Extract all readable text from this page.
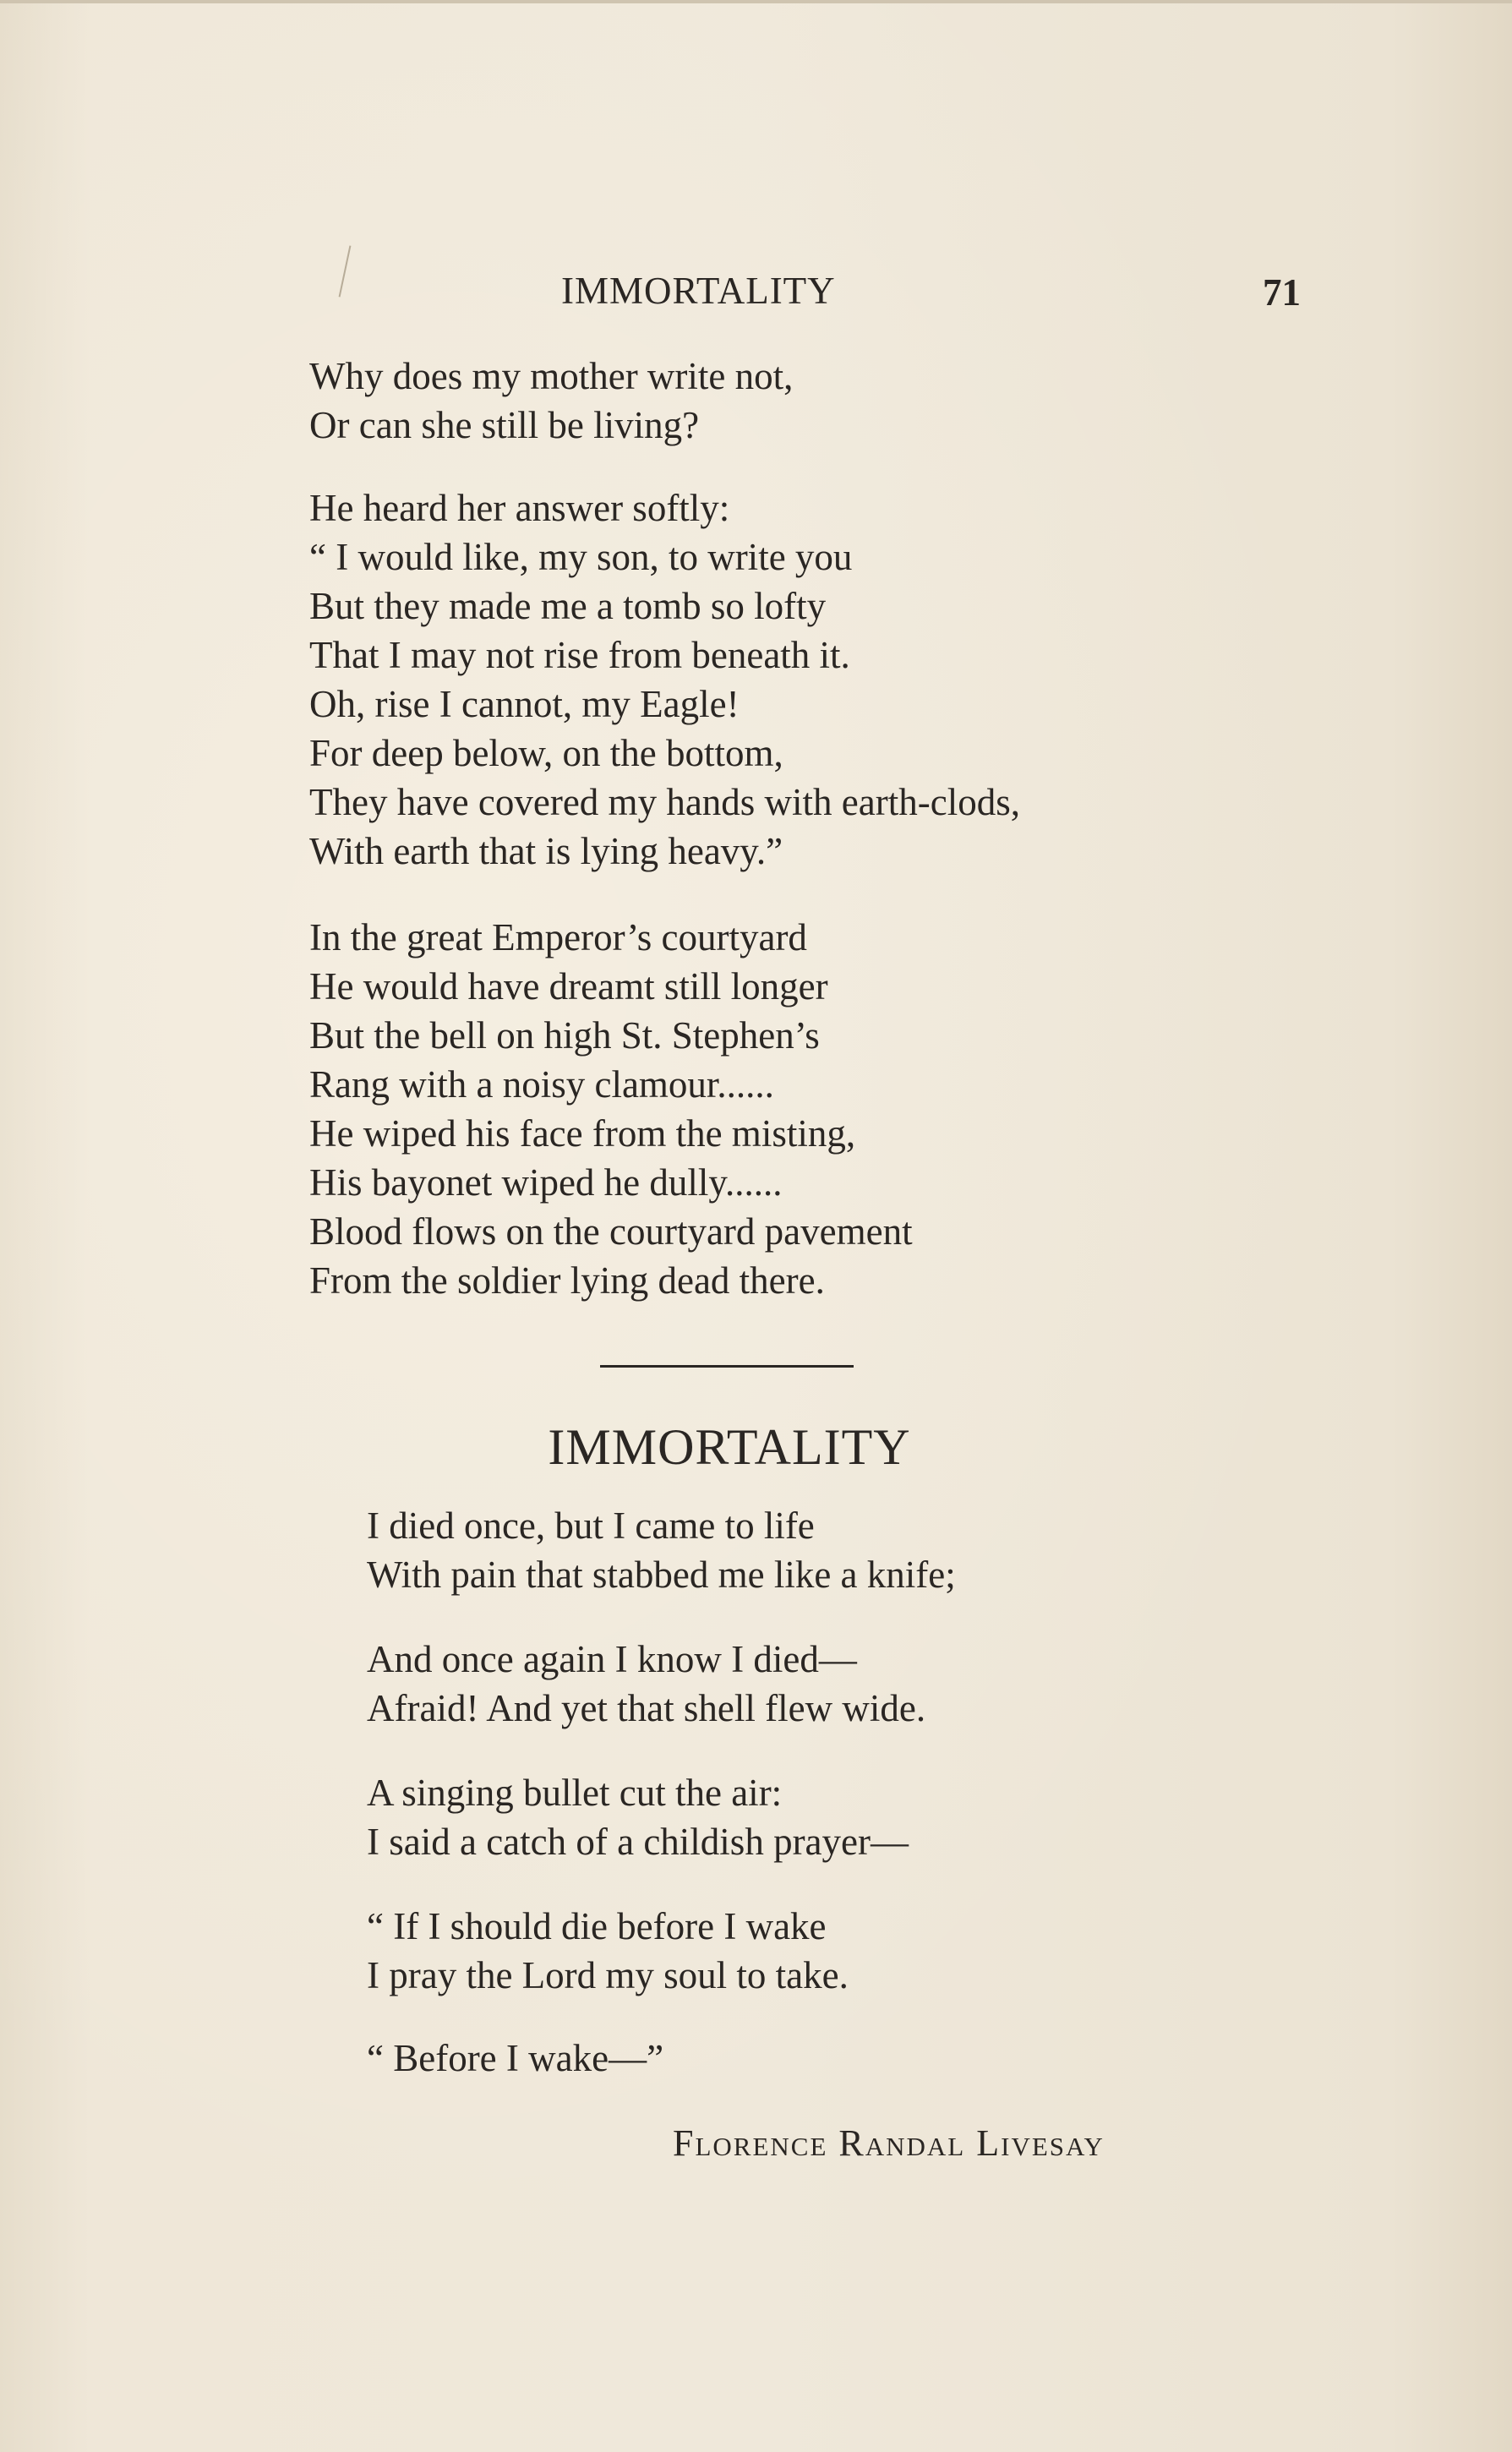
IMMORTALITY	71
Why does my mother write not,
Or can she still be living?
He heard her answer softly:
“ I would like, my son, to write you
But they made me a tomb so lofty
That I may not rise from beneath it.
Oh, rise I cannot, my Eagle!
For deep below, on the bottom,
They have covered my hands with earth-clods,
With earth that is lying heavy.”
In the great Emperor’s courtyard
He would have dreamt still longer
But the bell on high St. Stephen’s
Rang with a noisy clamour......
He wiped his face from the misting,
His bayonet wiped he dully......
Blood flows on the courtyard pavement
From the soldier lying dead there.
IMMORTALITY
I died once, but I came to life
With pain that stabbed me like a knife;
And once again I know I died—
Afraid! And yet that shell flew wide.
A singing bullet cut the air:
I said a catch of a childish prayer—
“ If I should die before I wake
I pray the Lord my soul to take.
“ Before I wake—”
Florence Randal Livesay
